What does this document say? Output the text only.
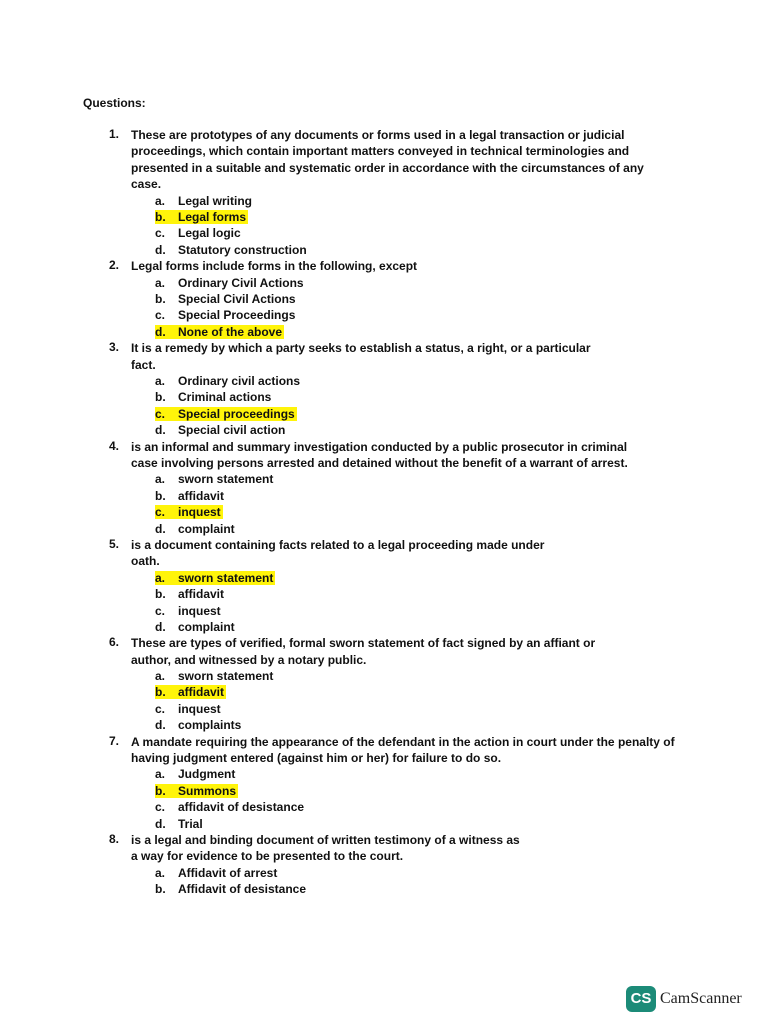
Questions:
1. These are prototypes of any documents or forms used in a legal transaction or judicial proceedings, which contain important matters conveyed in technical terminologies and presented in a suitable and systematic order in accordance with the circumstances of any case.
a. Legal writing
b. Legal forms
c. Legal logic
d. Statutory construction
2. Legal forms include forms in the following, except
a. Ordinary Civil Actions
b. Special Civil Actions
c. Special Proceedings
d. None of the above
3. It is a remedy by which a party seeks to establish a status, a right, or a particular fact.
a. Ordinary civil actions
b. Criminal actions
c. Special proceedings
d. Special civil action
4. is an informal and summary investigation conducted by a public prosecutor in criminal case involving persons arrested and detained without the benefit of a warrant of arrest.
a. sworn statement
b. affidavit
c. inquest
d. complaint
5. is a document containing facts related to a legal proceeding made under oath.
a. sworn statement
b. affidavit
c. inquest
d. complaint
6. These are types of verified, formal sworn statement of fact signed by an affiant or author, and witnessed by a notary public.
a. sworn statement
b. affidavit
c. inquest
d. complaints
7. A mandate requiring the appearance of the defendant in the action in court under the penalty of having judgment entered (against him or her) for failure to do so.
a. Judgment
b. Summons
c. affidavit of desistance
d. Trial
8. is a legal and binding document of written testimony of a witness as a way for evidence to be presented to the court.
a. Affidavit of arrest
b. Affidavit of desistance
CS CamScanner
